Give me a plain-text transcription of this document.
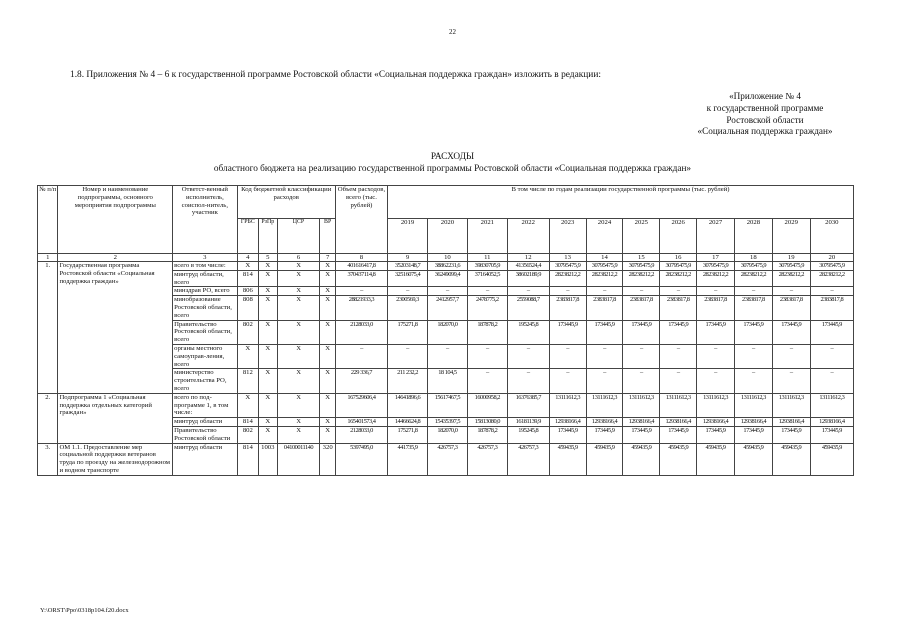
22
1.8. Приложения № 4 – 6 к государственной программе Ростовской области «Социальная поддержка граждан» изложить в редакции:
«Приложение № 4
к государственной программе
Ростовской области
«Социальная поддержка граждан»
РАСХОДЫ
областного бюджета на реализацию государственной программы Ростовской области «Социальная поддержка граждан»
№ п/п	Номер и наименование подпрограммы, основного мероприятия подпрограммы	Ответст-венный исполнитель, соиспол-нитель, участник	Код бюджетной классификации расходов				Объем расходов, всего (тыс. рублей)	В том числе по годам реализации государственной программы (тыс. рублей)											
			ГРБС	РзПр	ЦСР	ВР		2019	2020	2021	2022	2023	2024	2025	2026	2027	2028	2029	2030
1	2	3	4	5	6	7	8	9	10	11	12	13	14	15	16	17	18	19	20
1.	Государственная программа Ростовской области «Социальная поддержка граждан»	всего в том числе:	X	X	X	X	401616417,8	35203148,7	38862231,6	39830705,9	41356524,4	30795475,9	30795475,9	30795475,9	30795475,9	30795475,9	30795475,9	30795475,9	30795475,9
		минтруд области, всего	814	X	X	X	370437114,8	32516075,4	36249099,4	37164052,5	38602189,9	28238212,2	28238212,2	28238212,2	28238212,2	28238212,2	28238212,2	28238212,2	28238212,2
		минздрав РО, всего	806	X	X	X	–	–	–	–	–	–	–	–	–	–	–	–	–
		минобразование Ростовской области, всего	808	X	X	X	28821933,3	2300569,3	2412957,7	2478775,2	2559088,7	2383817,8	2383817,8	2383817,8	2383817,8	2383817,8	2383817,8	2383817,8	2383817,8
		Правительство Ростовской области, всего	802	X	X	X	2128033,0	175271,8	182070,0	187878,2	195245,8	173445,9	173445,9	173445,9	173445,9	173445,9	173445,9	173445,9	173445,9
		органы местного самоуправ-ления, всего	X	X	X	X	–	–	–	–	–	–	–	–	–	–	–	–	–
		министерство строительства РО, всего	812	X	X	X	229 336,7	211 232,2	18 104,5	–	–	–	–	–	–	–	–	–	–
2.	Подпрограмма 1 «Социальная поддержка отдельных категорий граждан»	всего по под-программе 1, в том числе:	X	X	X	X	167529606,4	14641896,6	15617467,5	16000958,2	16376385,7	13111612,3	13111612,3	13111612,3	13111612,3	13111612,3	13111612,3	13111612,3	13111612,3
		минтруд области	814	X	X	X	165401573,4	14466624,8	15435397,5	15813080,0	16181139,9	12938166,4	12938166,4	12938166,4	12938166,4	12938166,4	12938166,4	12938166,4	12938166,4
		Правительство Ростовской области	802	X	X	X	2128033,0	175271,8	182070,0	187878,2	195245,8	173445,9	173445,9	173445,9	173445,9	173445,9	173445,9	173445,9	173445,9
3.	ОМ 1.1. Предоставление мер социальной поддержки ветеранов труда по проезду на железнодорожном и водном транспорте	минтруд области	814	1003	04100011140	320	5397495,0	441735,9	426757,3	426757,3	426757,3	459435,9	459435,9	459435,9	459435,9	459435,9	459435,9	459435,9	459435,9
Y:\ORST\Ppo\0318p104.f20.docx
